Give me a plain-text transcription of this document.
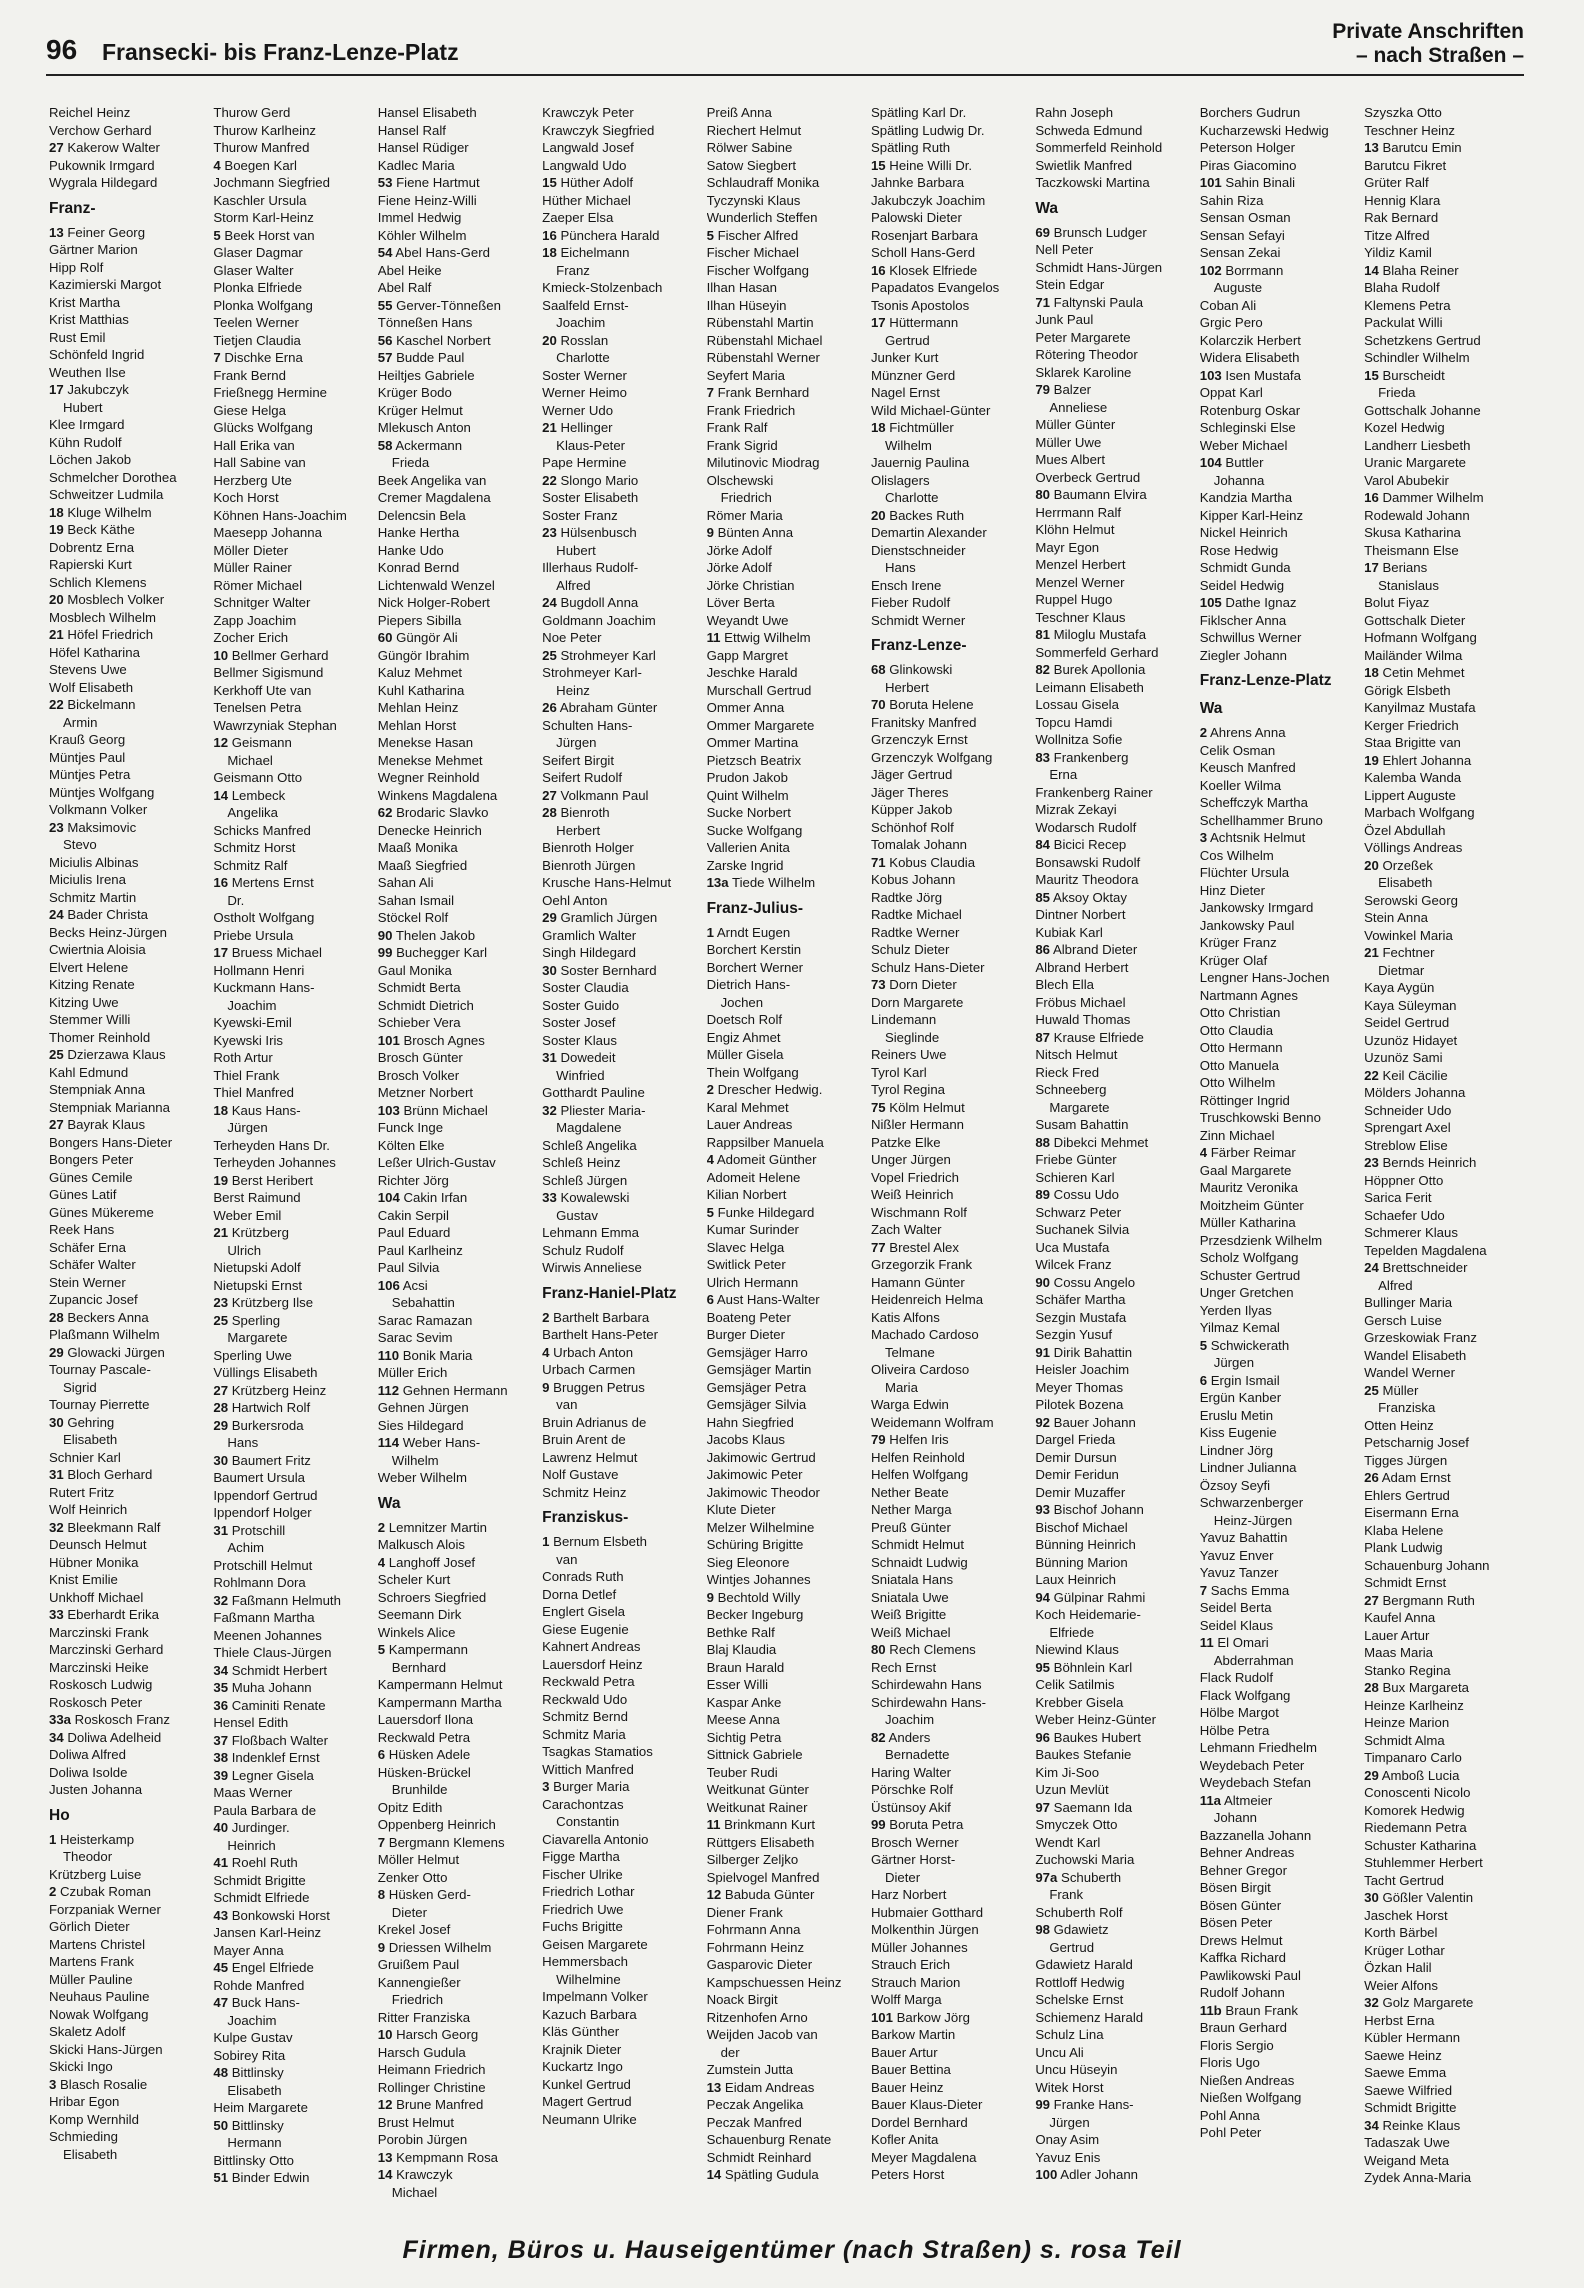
96 Fransecki- bis Franz-Lenze-Platz
Private Anschriften
– nach Straßen –
Reichel Heinz
Verchow Gerhard
27 Kakerow Walter
Pukownik Irmgard
Wygrala Hildegard
Franz-
13 Feiner Georg
Gärtner Marion
Hipp Rolf
Kazimierski Margot
Krist Martha
Krist Matthias
Rust Emil
Schönfeld Ingrid
Weuthen Ilse
17 Jakubczyk
Hubert
Klee Irmgard
Kühn Rudolf
Löchen Jakob
Schmelcher Dorothea
Schweitzer Ludmila
18 Kluge Wilhelm
19 Beck Käthe
Dobrentz Erna
Rapierski Kurt
Schlich Klemens
20 Mosblech Volker
Mosblech Wilhelm
21 Höfel Friedrich
Höfel Katharina
Stevens Uwe
Wolf Elisabeth
22 Bickelmann
Armin
Krauß Georg
Müntjes Paul
Müntjes Petra
Müntjes Wolfgang
Volkmann Volker
23 Maksimovic
Stevo
Miciulis Albinas
Miciulis Irena
Schmitz Martin
24 Bader Christa
Becks Heinz-Jürgen
Cwiertnia Aloisia
Elvert Helene
Kitzing Renate
Kitzing Uwe
Stemmer Willi
Thomer Reinhold
25 Dzierzawa Klaus
Kahl Edmund
Stempniak Anna
Stempniak Marianna
27 Bayrak Klaus
Bongers Hans-Dieter
Bongers Peter
Günes Cemile
Günes Latif
Günes Mükereme
Reek Hans
Schäfer Erna
Schäfer Walter
Stein Werner
Zupancic Josef
28 Beckers Anna
Plaßmann Wilhelm
29 Glowacki Jürgen
Tournay Pascale-
Sigrid
Tournay Pierrette
30 Gehring
Elisabeth
Schnier Karl
31 Bloch Gerhard
Rutert Fritz
Wolf Heinrich
32 Bleekmann Ralf
Deunsch Helmut
Hübner Monika
Knist Emilie
Unkhoff Michael
33 Eberhardt Erika
Marczinski Frank
Marczinski Gerhard
Marczinski Heike
Roskosch Ludwig
Roskosch Peter
33a Roskosch Franz
34 Doliwa Adelheid
Doliwa Alfred
Doliwa Isolde
Justen Johanna
Ho
1 Heisterkamp
Theodor
Krützberg Luise
2 Czubak Roman
Forzpaniak Werner
Görlich Dieter
Martens Christel
Martens Frank
Müller Pauline
Neuhaus Pauline
Nowak Wolfgang
Skaletz Adolf
Skicki Hans-Jürgen
Skicki Ingo
3 Blasch Rosalie
Hribar Egon
Komp Wernhild
Schmieding
Elisabeth
Thurow Gerd
Thurow Karlheinz
Thurow Manfred
4 Boegen Karl
Jochmann Siegfried
Kaschler Ursula
Storm Karl-Heinz
5 Beek Horst van
Glaser Dagmar
Glaser Walter
Plonka Elfriede
Plonka Wolfgang
Teelen Werner
Tietjen Claudia
7 Dischke Erna
Frank Bernd
Frießnegg Hermine
Giese Helga
Glücks Wolfgang
Hall Erika van
Hall Sabine van
Herzberg Ute
Koch Horst
Köhnen Hans-Joachim
Maesepp Johanna
Möller Dieter
Müller Rainer
Römer Michael
Schnitger Walter
Zapp Joachim
Zocher Erich
10 Bellmer Gerhard
Bellmer Sigismund
Kerkhoff Ute van
Tenelsen Petra
Wawrzyniak Stephan
12 Geismann
Michael
Geismann Otto
14 Lembeck
Angelika
Schicks Manfred
Schmitz Horst
Schmitz Ralf
16 Mertens Ernst
Dr.
Ostholt Wolfgang
Priebe Ursula
17 Bruess Michael
Hollmann Henri
Kuckmann Hans-
Joachim
Kyewski-Emil
Kyewski Iris
Roth Artur
Thiel Frank
Thiel Manfred
18 Kaus Hans-
Jürgen
Terheyden Hans Dr.
Terheyden Johannes
19 Berst Heribert
Berst Raimund
Weber Emil
21 Krützberg
Ulrich
Nietupski Adolf
Nietupski Ernst
23 Krützberg Ilse
25 Sperling
Margarete
Sperling Uwe
Vüllings Elisabeth
27 Krützberg Heinz
28 Hartwich Rolf
29 Burkersroda
Hans
30 Baumert Fritz
Baumert Ursula
Ippendorf Gertrud
Ippendorf Holger
31 Protschill
Achim
Protschill Helmut
Rohlmann Dora
32 Faßmann Helmuth
Faßmann Martha
Meenen Johannes
Thiele Claus-Jürgen
34 Schmidt Herbert
35 Muha Johann
36 Caminiti Renate
Hensel Edith
37 Floßbach Walter
38 Indenklef Ernst
39 Legner Gisela
Maas Werner
Paula Barbara de
40 Jurdinger.
Heinrich
41 Roehl Ruth
Schmidt Brigitte
Schmidt Elfriede
43 Bonkowski Horst
Jansen Karl-Heinz
Mayer Anna
45 Engel Elfriede
Rohde Manfred
47 Buck Hans-
Joachim
Kulpe Gustav
Sobirey Rita
48 Bittlinsky
Elisabeth
Heim Margarete
50 Bittlinsky
Hermann
Bittlinsky Otto
51 Binder Edwin
Hansel Elisabeth
Hansel Ralf
Hansel Rüdiger
Kadlec Maria
53 Fiene Hartmut
Fiene Heinz-Willi
Immel Hedwig
Köhler Wilhelm
54 Abel Hans-Gerd
Abel Heike
Abel Ralf
55 Gerver-Tönneßen
Tönneßen Hans
56 Kaschel Norbert
57 Budde Paul
Heiltjes Gabriele
Krüger Bodo
Krüger Helmut
Mlekusch Anton
58 Ackermann
Frieda
Beek Angelika van
Cremer Magdalena
Delencsin Bela
Hanke Hertha
Hanke Udo
Konrad Bernd
Lichtenwald Wenzel
Nick Holger-Robert
Piepers Sibilla
60 Güngör Ali
Güngör Ibrahim
Kaluz Mehmet
Kuhl Katharina
Mehlan Heinz
Mehlan Horst
Menekse Hasan
Menekse Mehmet
Wegner Reinhold
Winkens Magdalena
62 Brodaric Slavko
Denecke Heinrich
Maaß Monika
Maaß Siegfried
Sahan Ali
Sahan Ismail
Stöckel Rolf
90 Thelen Jakob
99 Buchegger Karl
Gaul Monika
Schmidt Berta
Schmidt Dietrich
Schieber Vera
101 Brosch Agnes
Brosch Günter
Brosch Volker
Metzner Norbert
103 Brünn Michael
Funck Inge
Költen Elke
Leßer Ulrich-Gustav
Richter Jörg
104 Cakin Irfan
Cakin Serpil
Paul Eduard
Paul Karlheinz
Paul Silvia
106 Acsi
Sebahattin
Sarac Ramazan
Sarac Sevim
110 Bonik Maria
Müller Erich
112 Gehnen Hermann
Gehnen Jürgen
Sies Hildegard
114 Weber Hans-
Wilhelm
Weber Wilhelm
Wa
2 Lemnitzer Martin
Malkusch Alois
4 Langhoff Josef
Scheler Kurt
Schroers Siegfried
Seemann Dirk
Winkels Alice
5 Kampermann
Bernhard
Kampermann Helmut
Kampermann Martha
Lauersdorf Ilona
Reckwald Petra
6 Hüsken Adele
Hüsken-Brückel
Brunhilde
Opitz Edith
Oppenberg Heinrich
7 Bergmann Klemens
Möller Helmut
Zenker Otto
8 Hüsken Gerd-
Dieter
Krekel Josef
9 Driessen Wilhelm
Gruißem Paul
Kannengießer
Friedrich
Ritter Franziska
10 Harsch Georg
Harsch Gudula
Heimann Friedrich
Rollinger Christine
12 Brune Manfred
Brust Helmut
Porobin Jürgen
13 Kempmann Rosa
14 Krawczyk
Michael
Krawczyk Peter
Krawczyk Siegfried
Langwald Josef
Langwald Udo
15 Hüther Adolf
Hüther Michael
Zaeper Elsa
16 Pünchera Harald
18 Eichelmann
Franz
Kmieck-Stolzenbach
Saalfeld Ernst-
Joachim
20 Rosslan
Charlotte
Soster Werner
Werner Heimo
Werner Udo
21 Hellinger
Klaus-Peter
Pape Hermine
22 Slongo Mario
Soster Elisabeth
Soster Franz
23 Hülsenbusch
Hubert
Illerhaus Rudolf-
Alfred
24 Bugdoll Anna
Goldmann Joachim
Noe Peter
25 Strohmeyer Karl
Strohmeyer Karl-
Heinz
26 Abraham Günter
Schulten Hans-
Jürgen
Seifert Birgit
Seifert Rudolf
27 Volkmann Paul
28 Bienroth
Herbert
Bienroth Holger
Bienroth Jürgen
Krusche Hans-Helmut
Oehl Anton
29 Gramlich Jürgen
Gramlich Walter
Singh Hildegard
30 Soster Bernhard
Soster Claudia
Soster Guido
Soster Josef
Soster Klaus
31 Dowedeit
Winfried
Gotthardt Pauline
32 Pliester Maria-
Magdalene
Schleß Angelika
Schleß Heinz
Schleß Jürgen
33 Kowalewski
Gustav
Lehmann Emma
Schulz Rudolf
Wirwis Anneliese
Franz-Haniel-Platz
2 Barthelt Barbara
Barthelt Hans-Peter
4 Urbach Anton
Urbach Carmen
9 Bruggen Petrus
van
Bruin Adrianus de
Bruin Arent de
Lawrenz Helmut
Nolf Gustave
Schmitz Heinz
Franziskus-
1 Bernum Elsbeth
van
Conrads Ruth
Dorna Detlef
Englert Gisela
Giese Eugenie
Kahnert Andreas
Lauersdorf Heinz
Reckwald Petra
Reckwald Udo
Schmitz Bernd
Schmitz Maria
Tsagkas Stamatios
Wittich Manfred
3 Burger Maria
Carachontzas
Constantin
Ciavarella Antonio
Figge Martha
Fischer Ulrike
Friedrich Lothar
Friedrich Uwe
Fuchs Brigitte
Geisen Margarete
Hemmersbach
Wilhelmine
Impelmann Volker
Kazuch Barbara
Kläs Günther
Krajnik Dieter
Kuckartz Ingo
Kunkel Gertrud
Magert Gertrud
Neumann Ulrike
Preiß Anna
Riechert Helmut
Rölwer Sabine
Satow Siegbert
Schlaudraff Monika
Tyczynski Klaus
Wunderlich Steffen
5 Fischer Alfred
Fischer Michael
Fischer Wolfgang
Ilhan Hasan
Ilhan Hüseyin
Rübenstahl Martin
Rübenstahl Michael
Rübenstahl Werner
Seyfert Maria
7 Frank Bernhard
Frank Friedrich
Frank Ralf
Frank Sigrid
Milutinovic Miodrag
Olschewski
Friedrich
Römer Maria
9 Bünten Anna
Jörke Adolf
Jörke Adolf
Jörke Christian
Löver Berta
Weyandt Uwe
11 Ettwig Wilhelm
Gapp Margret
Jeschke Harald
Murschall Gertrud
Ommer Anna
Ommer Margarete
Ommer Martina
Pietzsch Beatrix
Prudon Jakob
Quint Wilhelm
Sucke Norbert
Sucke Wolfgang
Vallerien Anita
Zarske Ingrid
13a Tiede Wilhelm
Franz-Julius-
1 Arndt Eugen
Borchert Kerstin
Borchert Werner
Dietrich Hans-
Jochen
Doetsch Rolf
Engiz Ahmet
Müller Gisela
Thein Wolfgang
2 Drescher Hedwig.
Karal Mehmet
Lauer Andreas
Rappsilber Manuela
4 Adomeit Günther
Adomeit Helene
Kilian Norbert
5 Funke Hildegard
Kumar Surinder
Slavec Helga
Switlick Peter
Ulrich Hermann
6 Aust Hans-Walter
Boateng Peter
Burger Dieter
Gemsjäger Harro
Gemsjäger Martin
Gemsjäger Petra
Gemsjäger Silvia
Hahn Siegfried
Jacobs Klaus
Jakimowic Gertrud
Jakimowic Peter
Jakimowic Theodor
Klute Dieter
Melzer Wilhelmine
Schüring Brigitte
Sieg Eleonore
Wintjes Johannes
9 Bechtold Willy
Becker Ingeburg
Bethke Ralf
Blaj Klaudia
Braun Harald
Esser Willi
Kaspar Anke
Meese Anna
Sichtig Petra
Sittnick Gabriele
Teuber Rudi
Weitkunat Günter
Weitkunat Rainer
11 Brinkmann Kurt
Rüttgers Elisabeth
Silberger Zeljko
Spielvogel Manfred
12 Babuda Günter
Diener Frank
Fohrmann Anna
Fohrmann Heinz
Gasparovic Dieter
Kampschuessen Heinz
Noack Birgit
Ritzenhofen Arno
Weijden Jacob van
der
Zumstein Jutta
13 Eidam Andreas
Peczak Angelika
Peczak Manfred
Schauenburg Renate
Schmidt Reinhard
14 Spätling Gudula
Spätling Karl Dr.
Spätling Ludwig Dr.
Spätling Ruth
15 Heine Willi Dr.
Jahnke Barbara
Jakubczyk Joachim
Palowski Dieter
Rosenjart Barbara
Scholl Hans-Gerd
16 Klosek Elfriede
Papadatos Evangelos
Tsonis Apostolos
17 Hüttermann
Gertrud
Junker Kurt
Münzner Gerd
Nagel Ernst
Wild Michael-Günter
18 Fichtmüller
Wilhelm
Jauernig Paulina
Olislagers
Charlotte
20 Backes Ruth
Demartin Alexander
Dienstschneider
Hans
Ensch Irene
Fieber Rudolf
Schmidt Werner
Franz-Lenze-
68 Glinkowski
Herbert
70 Boruta Helene
Franitsky Manfred
Grzenczyk Ernst
Grzenczyk Wolfgang
Jäger Gertrud
Jäger Theres
Küpper Jakob
Schönhof Rolf
Tomalak Johann
71 Kobus Claudia
Kobus Johann
Radtke Jörg
Radtke Michael
Radtke Werner
Schulz Dieter
Schulz Hans-Dieter
73 Dorn Dieter
Dorn Margarete
Lindemann
Sieglinde
Reiners Uwe
Tyrol Karl
Tyrol Regina
75 Kölm Helmut
Nißler Hermann
Patzke Elke
Unger Jürgen
Vopel Friedrich
Weiß Heinrich
Wischmann Rolf
Zach Walter
77 Brestel Alex
Grzegorzik Frank
Hamann Günter
Heidenreich Helma
Katis Alfons
Machado Cardoso
Telmane
Oliveira Cardoso
Maria
Warga Edwin
Weidemann Wolfram
79 Helfen Iris
Helfen Reinhold
Helfen Wolfgang
Nether Beate
Nether Marga
Preuß Günter
Schmidt Helmut
Schnaidt Ludwig
Sniatala Hans
Sniatala Uwe
Weiß Brigitte
Weiß Michael
80 Rech Clemens
Rech Ernst
Schirdewahn Hans
Schirdewahn Hans-
Joachim
82 Anders
Bernadette
Haring Walter
Pörschke Rolf
Üstünsoy Akif
99 Boruta Petra
Brosch Werner
Gärtner Horst-
Dieter
Harz Norbert
Hubmaier Gotthard
Molkenthin Jürgen
Müller Johannes
Strauch Erich
Strauch Marion
Wolff Marga
101 Barkow Jörg
Barkow Martin
Bauer Artur
Bauer Bettina
Bauer Heinz
Bauer Klaus-Dieter
Dordel Bernhard
Kofler Anita
Meyer Magdalena
Peters Horst
Rahn Joseph
Schweda Edmund
Sommerfeld Reinhold
Swietlik Manfred
Taczkowski Martina
Wa
69 Brunsch Ludger
Nell Peter
Schmidt Hans-Jürgen
Stein Edgar
71 Faltynski Paula
Junk Paul
Peter Margarete
Rötering Theodor
Sklarek Karoline
79 Balzer
Anneliese
Müller Günter
Müller Uwe
Mues Albert
Overbeck Gertrud
80 Baumann Elvira
Herrmann Ralf
Klöhn Helmut
Mayr Egon
Menzel Herbert
Menzel Werner
Ruppel Hugo
Teschner Klaus
81 Miloglu Mustafa
Sommerfeld Gerhard
82 Burek Apollonia
Leimann Elisabeth
Lossau Gisela
Topcu Hamdi
Wollnitza Sofie
83 Frankenberg
Erna
Frankenberg Rainer
Mizrak Zekayi
Wodarsch Rudolf
84 Bicici Recep
Bonsawski Rudolf
Mauritz Theodora
85 Aksoy Oktay
Dintner Norbert
Kubiak Karl
86 Albrand Dieter
Albrand Herbert
Blech Ella
Fröbus Michael
Huwald Thomas
87 Krause Elfriede
Nitsch Helmut
Rieck Fred
Schneeberg
Margarete
Susam Bahattin
88 Dibekci Mehmet
Friebe Günter
Schieren Karl
89 Cossu Udo
Schwarz Peter
Suchanek Silvia
Uca Mustafa
Wilcek Franz
90 Cossu Angelo
Schäfer Martha
Sezgin Mustafa
Sezgin Yusuf
91 Dirik Bahattin
Heisler Joachim
Meyer Thomas
Pilotek Bozena
92 Bauer Johann
Dargel Frieda
Demir Dursun
Demir Feridun
Demir Muzaffer
93 Bischof Johann
Bischof Michael
Bünning Heinrich
Bünning Marion
Laux Heinrich
94 Gülpinar Rahmi
Koch Heidemarie-
Elfriede
Niewind Klaus
95 Böhnlein Karl
Celik Satilmis
Krebber Gisela
Weber Heinz-Günter
96 Baukes Hubert
Baukes Stefanie
Kim Ji-Soo
Uzun Mevlüt
97 Saemann Ida
Smyczek Otto
Wendt Karl
Zuchowski Maria
97a Schuberth
Frank
Schuberth Rolf
98 Gdawietz
Gertrud
Gdawietz Harald
Rottloff Hedwig
Schelske Ernst
Schiemenz Harald
Schulz Lina
Uncu Ali
Uncu Hüseyin
Witek Horst
99 Franke Hans-
Jürgen
Onay Asim
Yavuz Enis
100 Adler Johann
Borchers Gudrun
Kucharzewski Hedwig
Peterson Holger
Piras Giacomino
101 Sahin Binali
Sahin Riza
Sensan Osman
Sensan Sefayi
Sensan Zekai
102 Borrmann
Auguste
Coban Ali
Grgic Pero
Kolarczik Herbert
Widera Elisabeth
103 Isen Mustafa
Oppat Karl
Rotenburg Oskar
Schleginski Else
Weber Michael
104 Buttler
Johanna
Kandzia Martha
Kipper Karl-Heinz
Nickel Heinrich
Rose Hedwig
Schmidt Gunda
Seidel Hedwig
105 Dathe Ignaz
Fiklscher Anna
Schwillus Werner
Ziegler Johann
Franz-Lenze-Platz
Wa
2 Ahrens Anna
Celik Osman
Keusch Manfred
Koeller Wilma
Scheffczyk Martha
Schellhammer Bruno
3 Achtsnik Helmut
Cos Wilhelm
Flüchter Ursula
Hinz Dieter
Jankowsky Irmgard
Jankowsky Paul
Krüger Franz
Krüger Olaf
Lengner Hans-Jochen
Nartmann Agnes
Otto Christian
Otto Claudia
Otto Hermann
Otto Manuela
Otto Wilhelm
Röttinger Ingrid
Truschkowski Benno
Zinn Michael
4 Färber Reimar
Gaal Margarete
Mauritz Veronika
Moitzheim Günter
Müller Katharina
Przesdzienk Wilhelm
Scholz Wolfgang
Schuster Gertrud
Unger Gretchen
Yerden Ilyas
Yilmaz Kemal
5 Schwickerath
Jürgen
6 Ergin Ismail
Ergün Kanber
Eruslu Metin
Kiss Eugenie
Lindner Jörg
Lindner Julianna
Özsoy Seyfi
Schwarzenberger
Heinz-Jürgen
Yavuz Bahattin
Yavuz Enver
Yavuz Tanzer
7 Sachs Emma
Seidel Berta
Seidel Klaus
11 El Omari
Abderrahman
Flack Rudolf
Flack Wolfgang
Hölbe Margot
Hölbe Petra
Lehmann Friedhelm
Weydebach Peter
Weydebach Stefan
11a Altmeier
Johann
Bazzanella Johann
Behner Andreas
Behner Gregor
Bösen Birgit
Bösen Günter
Bösen Peter
Drews Helmut
Kaffka Richard
Pawlikowski Paul
Rudolf Johann
11b Braun Frank
Braun Gerhard
Floris Sergio
Floris Ugo
Nießen Andreas
Nießen Wolfgang
Pohl Anna
Pohl Peter
Szyszka Otto
Teschner Heinz
13 Barutcu Emin
Barutcu Fikret
Grüter Ralf
Hennig Klara
Rak Bernard
Titze Alfred
Yildiz Kamil
14 Blaha Reiner
Blaha Rudolf
Klemens Petra
Packulat Willi
Schetzkens Gertrud
Schindler Wilhelm
15 Burscheidt
Frieda
Gottschalk Johanne
Kozel Hedwig
Landherr Liesbeth
Uranic Margarete
Varol Abubekir
16 Dammer Wilhelm
Rodewald Johann
Skusa Katharina
Theismann Else
17 Berians
Stanislaus
Bolut Fiyaz
Gottschalk Dieter
Hofmann Wolfgang
Mailänder Wilma
18 Cetin Mehmet
Görigk Elsbeth
Kanyilmaz Mustafa
Kerger Friedrich
Staa Brigitte van
19 Ehlert Johanna
Kalemba Wanda
Lippert Auguste
Marbach Wolfgang
Özel Abdullah
Völlings Andreas
20 Orzeßek
Elisabeth
Serowski Georg
Stein Anna
Vowinkel Maria
21 Fechtner
Dietmar
Kaya Aygün
Kaya Süleyman
Seidel Gertrud
Uzunöz Hidayet
Uzunöz Sami
22 Keil Cäcilie
Mölders Johanna
Schneider Udo
Sprengart Axel
Streblow Elise
23 Bernds Heinrich
Höppner Otto
Sarica Ferit
Schaefer Udo
Schmerer Klaus
Tepelden Magdalena
24 Brettschneider
Alfred
Bullinger Maria
Gersch Luise
Grzeskowiak Franz
Wandel Elisabeth
Wandel Werner
25 Müller
Franziska
Otten Heinz
Petscharnig Josef
Tigges Jürgen
26 Adam Ernst
Ehlers Gertrud
Eisermann Erna
Klaba Helene
Plank Ludwig
Schauenburg Johann
Schmidt Ernst
27 Bergmann Ruth
Kaufel Anna
Lauer Artur
Maas Maria
Stanko Regina
28 Bux Margareta
Heinze Karlheinz
Heinze Marion
Schmidt Alma
Timpanaro Carlo
29 Amboß Lucia
Conoscenti Nicolo
Komorek Hedwig
Riedemann Petra
Schuster Katharina
Stuhlemmer Herbert
Tacht Gertrud
30 Gößler Valentin
Jaschek Horst
Korth Bärbel
Krüger Lothar
Özkan Halil
Weier Alfons
32 Golz Margarete
Herbst Erna
Kübler Hermann
Saewe Heinz
Saewe Emma
Saewe Wilfried
Schmidt Brigitte
34 Reinke Klaus
Tadaszak Uwe
Weigand Meta
Zydek Anna-Maria
Firmen, Büros u. Hauseigentümer (nach Straßen) s. rosa Teil
